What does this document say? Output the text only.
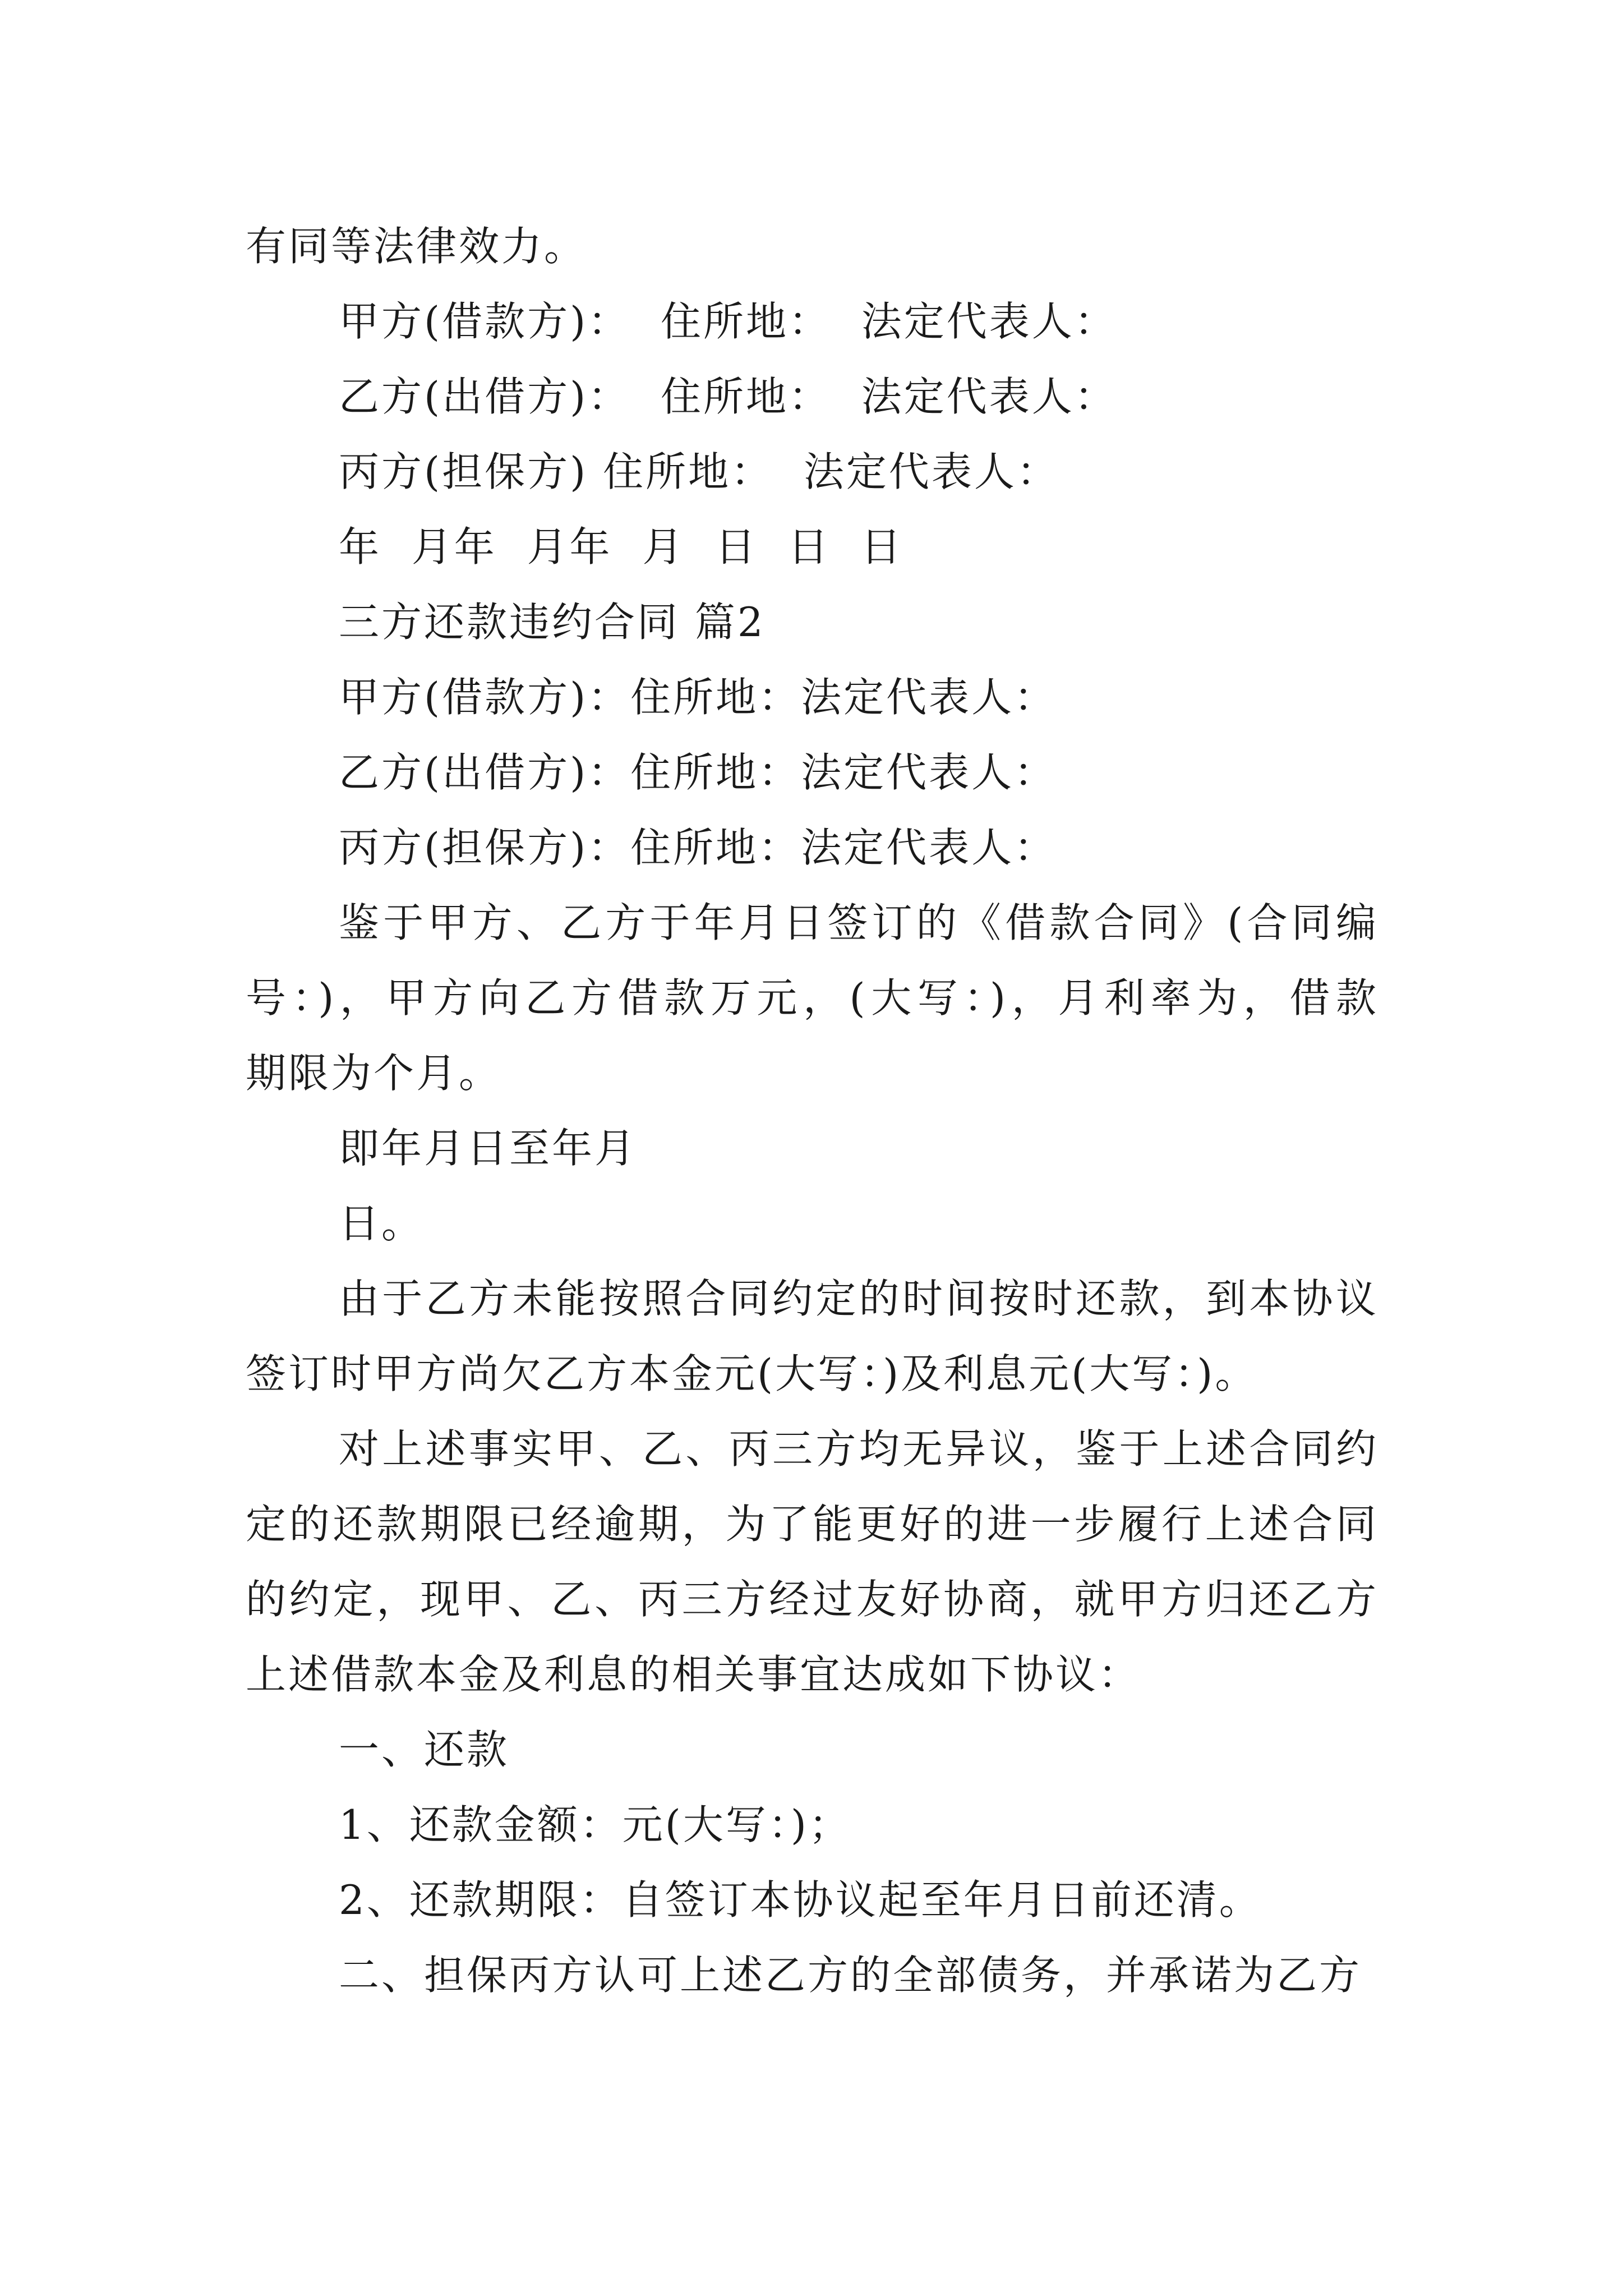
有同等法律效力。
甲方(借款方)：  住所地：  法定代表人：
乙方(出借方)：  住所地：  法定代表人：
丙方(担保方) 住所地：  法定代表人：
年  月年  月年  月  日  日  日
三方还款违约合同 篇2
甲方(借款方)：住所地：法定代表人：
乙方(出借方)：住所地：法定代表人：
丙方(担保方)：住所地：法定代表人：
鉴于甲方、乙方于年月日签订的《借款合同》(合同编
号：)，甲方向乙方借款万元，(大写：)，月利率为，借款
期限为个月。
即年月日至年月
日。
由于乙方未能按照合同约定的时间按时还款，到本协议
签订时甲方尚欠乙方本金元(大写：)及利息元(大写：)。
对上述事实甲、乙、丙三方均无异议，鉴于上述合同约
定的还款期限已经逾期，为了能更好的进一步履行上述合同
的约定，现甲、乙、丙三方经过友好协商，就甲方归还乙方
上述借款本金及利息的相关事宜达成如下协议：
一、还款
1、还款金额：元(大写：)；
2、还款期限：自签订本协议起至年月日前还清。
二、担保丙方认可上述乙方的全部债务，并承诺为乙方
